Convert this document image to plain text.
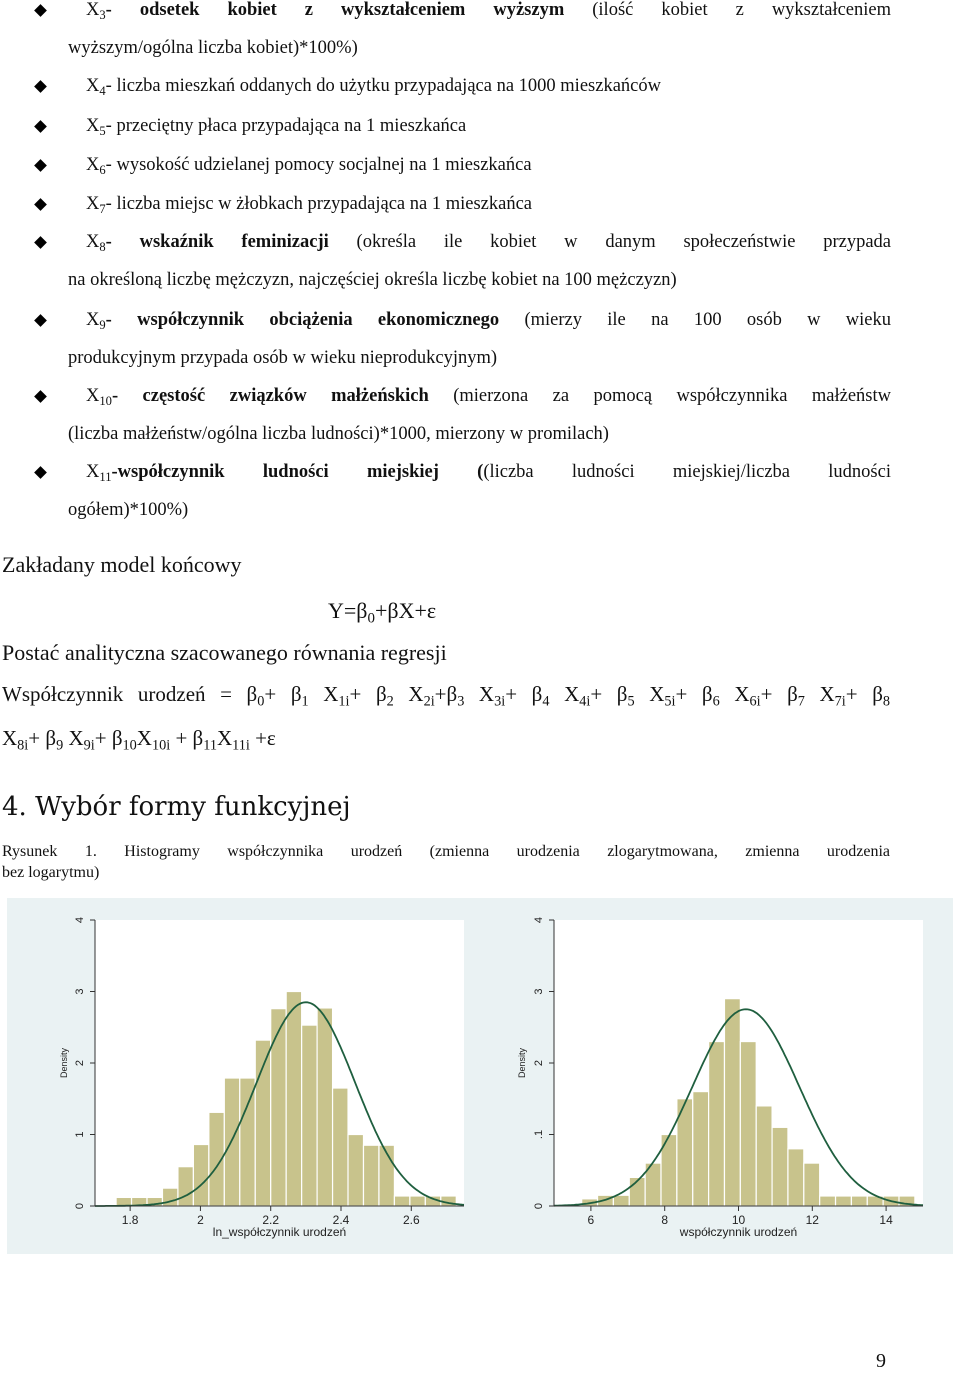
$X_3-$ odsetek kobiet z wykształceniem wyższym (ilość kobiet z wykształceniem
wyższym/ogólna liczba kobiet)*100%)
$X_4-$ liczba mieszkań oddanych do użytku przypadająca na 1000 mieszkańców
$X_5-$ przeciętny płaca przypadająca na 1 mieszkańca
$X_6-$ wysokość udzielanej pomocy socjalnej na 1 mieszkańca
$X_7-$ liczba miejsc w żłobkach przypadająca na 1 mieszkańca
$X_8-$ wskaźnik feminizacji (określa ile kobiet w danym społeczeństwie przypada
na określoną liczbę mężczyzn, najczęściej określa liczbę kobiet na 100 mężczyzn)
$X_9-$ współczynnik obciążenia ekonomicznego (mierzy ile na 100 osób w wieku
produkcyjnym przypada osób w wieku nieprodukcyjnym)
$X_{10}-$ częstość związków małżeńskich (mierzona za pomocą współczynnika małżeństw
(liczba małżeństw/ogólna liczba ludności)*1000, mierzony w promilach)
$X_{11}$-współczynnik ludności miejskiej ((liczba ludności miejskiej/liczba ludności
ogółem)*100%)
Zakładany model końcowy
$Y=\beta_0+\beta X+\varepsilon$
Postać analityczna szacowanego równania regresji
Współczynnik urodzeń = $\beta_0+ \beta_1$ $X_{1i}+ \beta_2$ $X_{2i}+\beta_3$ $X_{3i}+ \beta_4$ $X_{4i}+ \beta_5$ $X_{5i}+ \beta_6$ $X_{6i}+ \beta_7$ $X_{7i}+ \beta_8$
$X_{8i}+ \beta_9$ $X_{9i}+ \beta_{10}X_{10i} + \beta_{11}X_{11i} +\varepsilon$
4. Wybór formy funkcyjnej
Rysunek 1. Histogramy współczynnika urodzeń (zmienna urodzenia zlogarytmowana, zmienna urodzenia
bez logarytmu)
0
1
2
3
4
Density
1.8	2	2.2	2.4	2.6
ln_współczynnik urodzeń
0
.1
2
3
4
Density
6	8	10	12	14
współczynnik urodzeń
9
